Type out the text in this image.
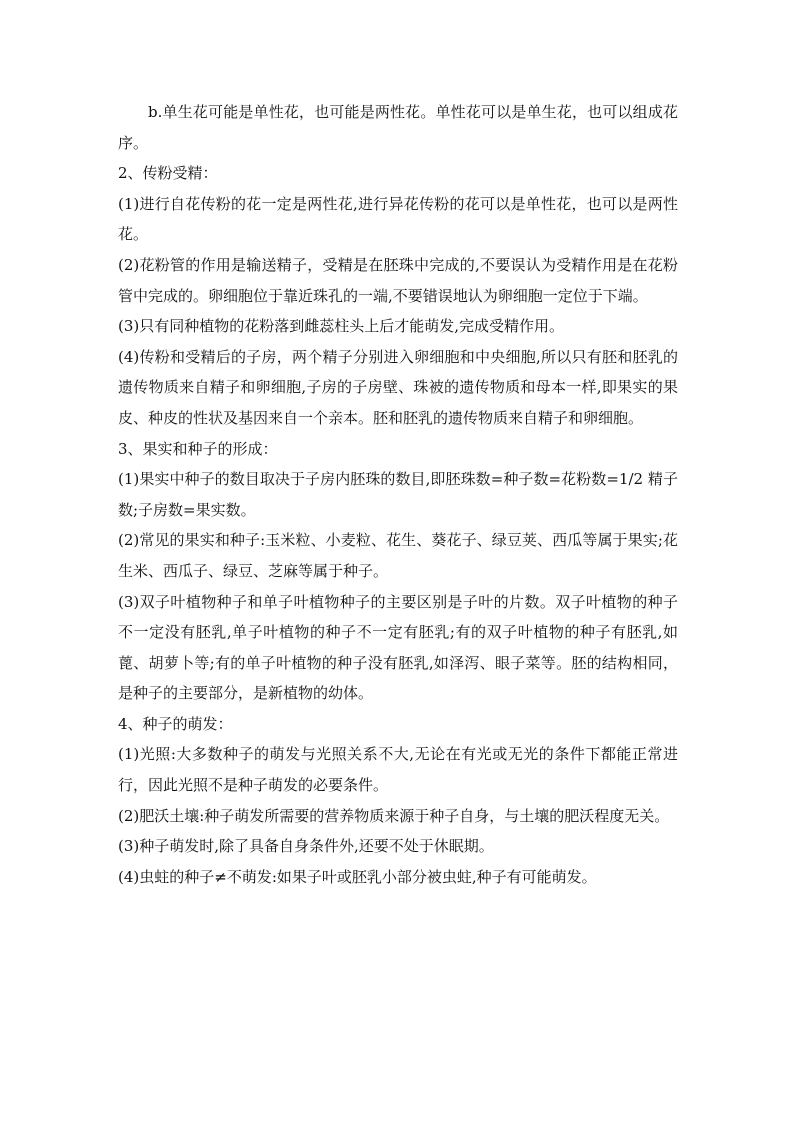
b.单生花可能是单性花，也可能是两性花。单性花可以是单生花，也可以组成花序。

2、传粉受精：

(1)进行自花传粉的花一定是两性花,进行异花传粉的花可以是单性花，也可以是两性花。

(2)花粉管的作用是输送精子，受精是在胚珠中完成的,不要误认为受精作用是在花粉管中完成的。卵细胞位于靠近珠孔的一端,不要错误地认为卵细胞一定位于下端。

(3)只有同种植物的花粉落到雌蕊柱头上后才能萌发,完成受精作用。

(4)传粉和受精后的子房，两个精子分别进入卵细胞和中央细胞,所以只有胚和胚乳的遗传物质来自精子和卵细胞,子房的子房壁、珠被的遗传物质和母本一样,即果实的果皮、种皮的性状及基因来自一个亲本。胚和胚乳的遗传物质来自精子和卵细胞。

3、果实和种子的形成：

(1)果实中种子的数目取决于子房内胚珠的数目,即胚珠数=种子数=花粉数=1/2 精子数;子房数=果实数。

(2)常见的果实和种子:玉米粒、小麦粒、花生、葵花子、绿豆荚、西瓜等属于果实;花生米、西瓜子、绿豆、芝麻等属于种子。

(3)双子叶植物种子和单子叶植物种子的主要区别是子叶的片数。双子叶植物的种子不一定没有胚乳,单子叶植物的种子不一定有胚乳;有的双子叶植物的种子有胚乳,如蓖、胡萝卜等;有的单子叶植物的种子没有胚乳,如泽泻、眼子菜等。胚的结构相同，是种子的主要部分，是新植物的幼体。

4、种子的萌发：

(1)光照:大多数种子的萌发与光照关系不大,无论在有光或无光的条件下都能正常进行，因此光照不是种子萌发的必要条件。

(2)肥沃土壤:种子萌发所需要的营养物质来源于种子自身，与土壤的肥沃程度无关。

(3)种子萌发时,除了具备自身条件外,还要不处于休眠期。

(4)虫蛀的种子≠不萌发:如果子叶或胚乳小部分被虫蛀,种子有可能萌发。
